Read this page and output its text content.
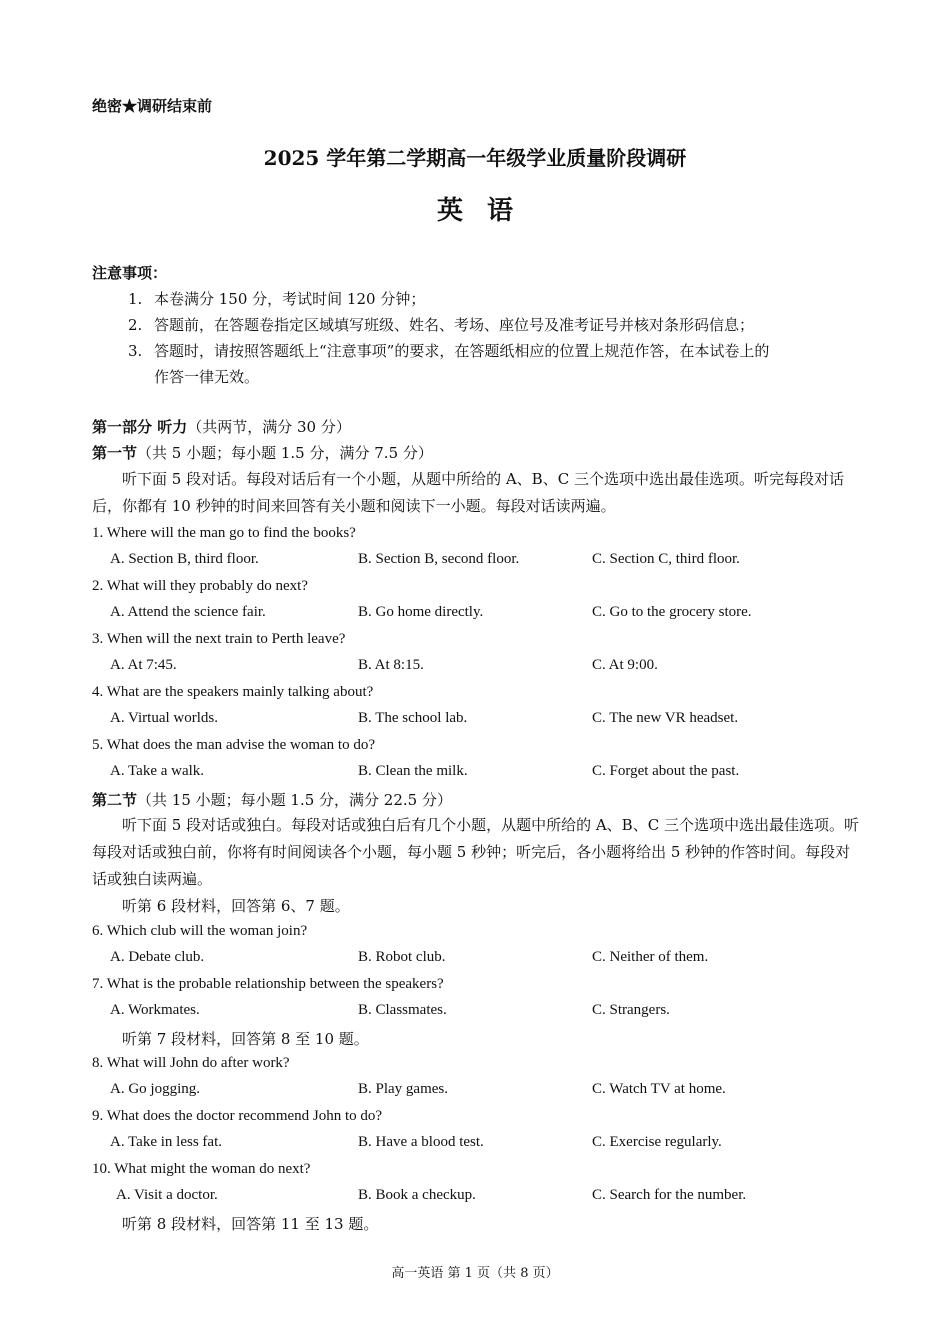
绝密★调研结束前
2025 学年第二学期高一年级学业质量阶段调研
英语
注意事项：
1. 本卷满分 150 分，考试时间 120 分钟；
2. 答题前，在答题卷指定区域填写班级、姓名、考场、座位号及准考证号并核对条形码信息；
3. 答题时，请按照答题纸上“注意事项”的要求，在答题纸相应的位置上规范作答，在本试卷上的
作答一律无效。
第一部分 听力（共两节，满分 30 分）
第一节（共 5 小题；每小题 1.5 分，满分 7.5 分）
听下面 5 段对话。每段对话后有一个小题，从题中所给的 A、B、C 三个选项中选出最佳选项。听完每段对话后，你都有 10 秒钟的时间来回答有关小题和阅读下一小题。每段对话读两遍。
1. Where will the man go to find the books?
A. Section B, third floor.	B. Section B, second floor.	C. Section C, third floor.
2. What will they probably do next?
A. Attend the science fair.	B. Go home directly.	C. Go to the grocery store.
3. When will the next train to Perth leave?
A. At 7:45.	B. At 8:15.	C. At 9:00.
4. What are the speakers mainly talking about?
A. Virtual worlds.	B. The school lab.	C. The new VR headset.
5. What does the man advise the woman to do?
A. Take a walk.	B. Clean the milk.	C. Forget about the past.
第二节（共 15 小题；每小题 1.5 分，满分 22.5 分）
听下面 5 段对话或独白。每段对话或独白后有几个小题，从题中所给的 A、B、C 三个选项中选出最佳选项。听每段对话或独白前，你将有时间阅读各个小题，每小题 5 秒钟；听完后，各小题将给出 5 秒钟的作答时间。每段对话或独白读两遍。
听第 6 段材料，回答第 6、7 题。
6. Which club will the woman join?
A. Debate club.	B. Robot club.	C. Neither of them.
7. What is the probable relationship between the speakers?
A. Workmates.	B. Classmates.	C. Strangers.
听第 7 段材料，回答第 8 至 10 题。
8. What will John do after work?
A. Go jogging.	B. Play games.	C. Watch TV at home.
9. What does the doctor recommend John to do?
A. Take in less fat.	B. Have a blood test.	C. Exercise regularly.
10. What might the woman do next?
A. Visit a doctor.	B. Book a checkup.	C. Search for the number.
听第 8 段材料，回答第 11 至 13 题。
高一英语 第 1 页（共 8 页）
